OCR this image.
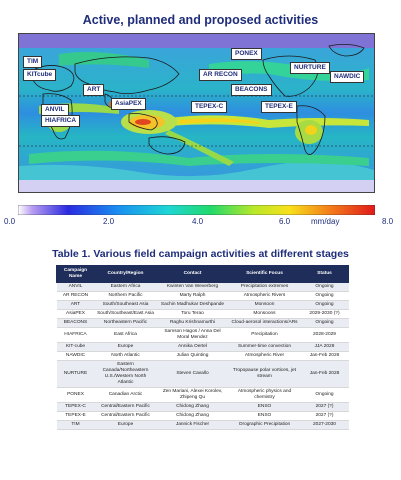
Active, planned and proposed activities
TIM
KITcube
ART
AsiaPEX
ANVIL
HIAFRICA
AR RECON
PONEX
BEACONS
NURTURE
NAWDIC
TEPEX-C	TEPEX-E
0.0	2.0	4.0	6.0	8.0
mm/day
Table 1. Various field campaign activities at different stages
Campaign Name	Country/Region	Contact	Scientific Focus	Status
ANVIL	Eastern Africa	Kwinten Van Weverberg	Precipitation extremes	Ongoing
AR RECON	Northern Pacific	Marty Ralph	Atmospheric Rivers	Ongoing
ART	South/Southeast Asia	Sachin Madhukar Deshpande	Monsoon	Ongoing
AsiaPEX	South/Southeast/East Asia	Toru Terao	Monsoons	2029-2030 (?)
BEACONS	Northeastern Pacific	Raghu Krishnamurthi	Cloud-aerosol interactions/ARs	Ongoing
HIAFRICA	East Africa	Samson Hagos / Anna Del Moral Mendez	Precipitation	2028-2029
KIT-cube	Europe	Annika Oertel	Summer-time convection	JJA 2028
NAWDIC	North Atlantic	Julian Quinting	Atmospheric River	Jan-Feb 2026
NURTURE	Eastern Canada/Northeastern U.S./Western North Atlantic	Steven Cavallo	Tropopause polar vortices, jet stream	Jan-Feb 2028
PONEX	Canadian Arctic	Zen Mariani, Alexei Korolev, Zhipeng Qu	Atmospheric physics and chemistry	Ongoing
TEPEX-C	Central/Eastern Pacific	Chidong Zhang	ENSO	2027 (?)
TEPEX-E	Central/Eastern Pacific	Chidong Zhang	ENSO	2027 (?)
TIM	Europe	Jannick Fischer	Orographic Precipitation	2027-2030
